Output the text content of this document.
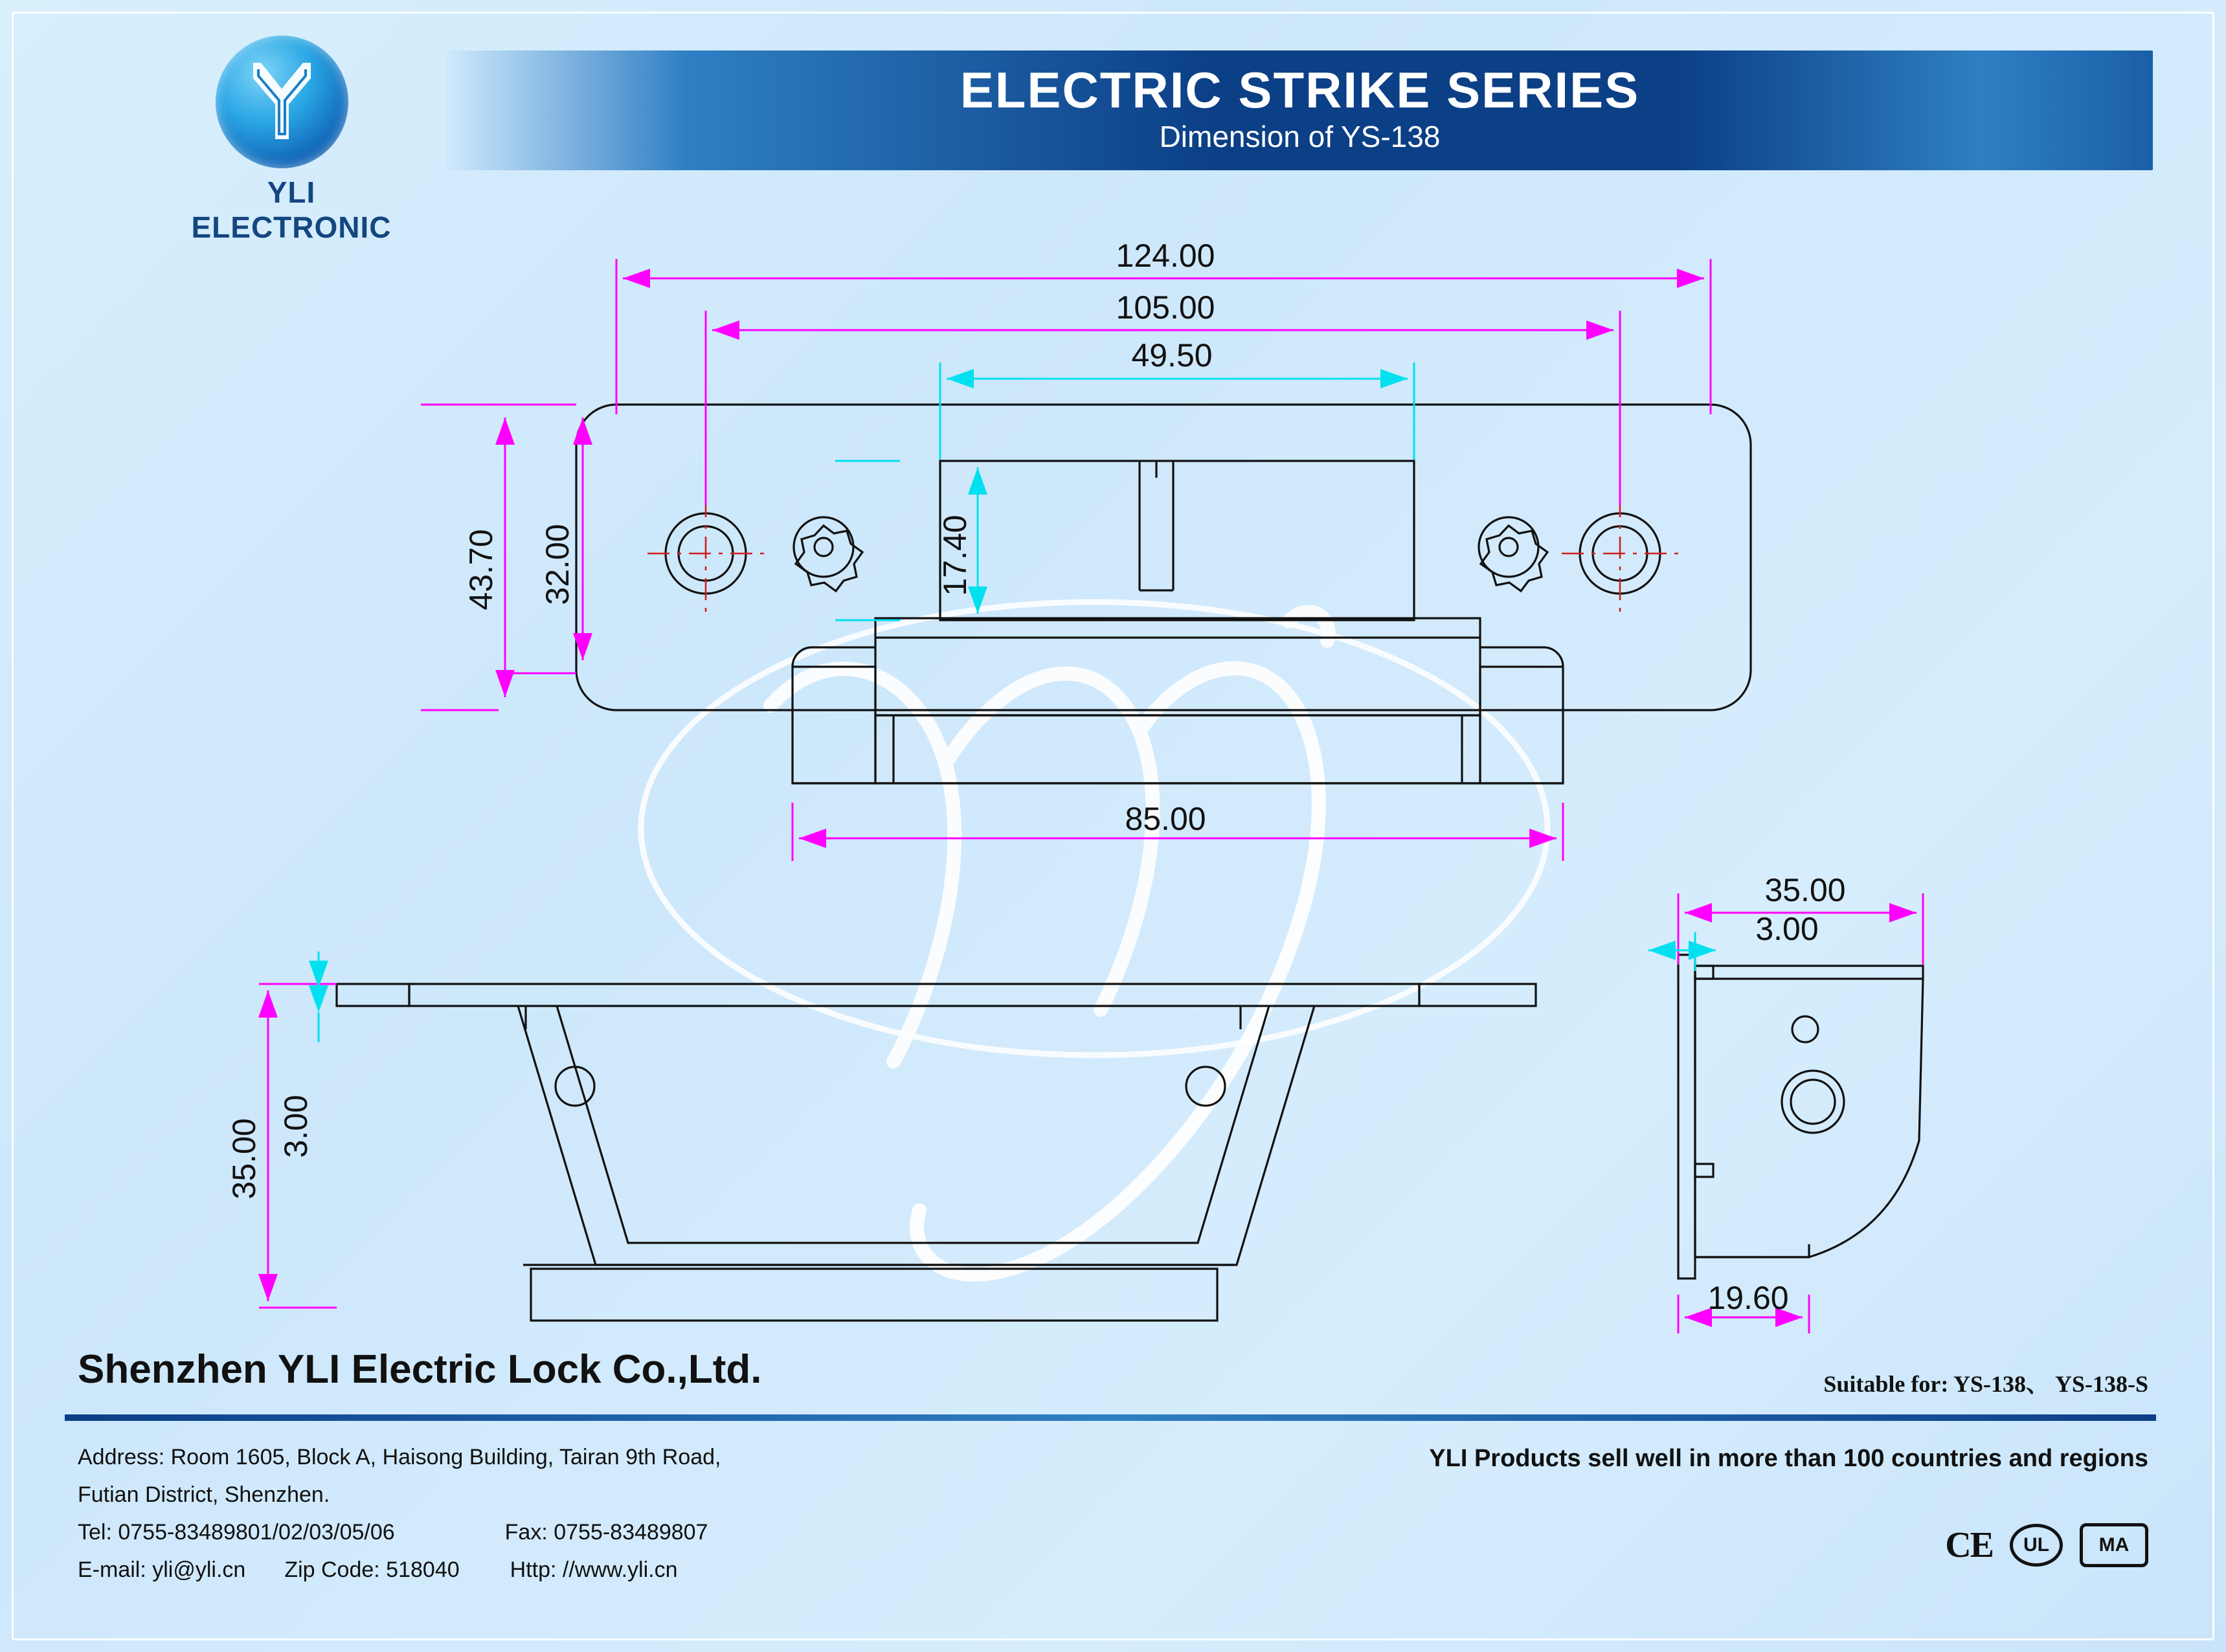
YLI ELECTRONIC
ELECTRIC STRIKE SERIES
Dimension of YS-138
124.00
105.00
49.50
85.00
35.00
3.00
19.60
43.70 32.00	17.40
35.00 3.00
Shenzhen YLI Electric Lock Co.,Ltd.	Suitable for: YS-138、 YS-138-S
Address: Room 1605, Block A, Haisong Building, Tairan 9th Road,
Futian District, Shenzhen.
Tel: 0755-83489801/02/03/05/06	Fax: 0755-83489807
E-mail: yli@yli.cn Zip Code: 518040 Http: //www.yli.cn
YLI Products sell well in more than 100 countries and regions
CE	UL	MA
